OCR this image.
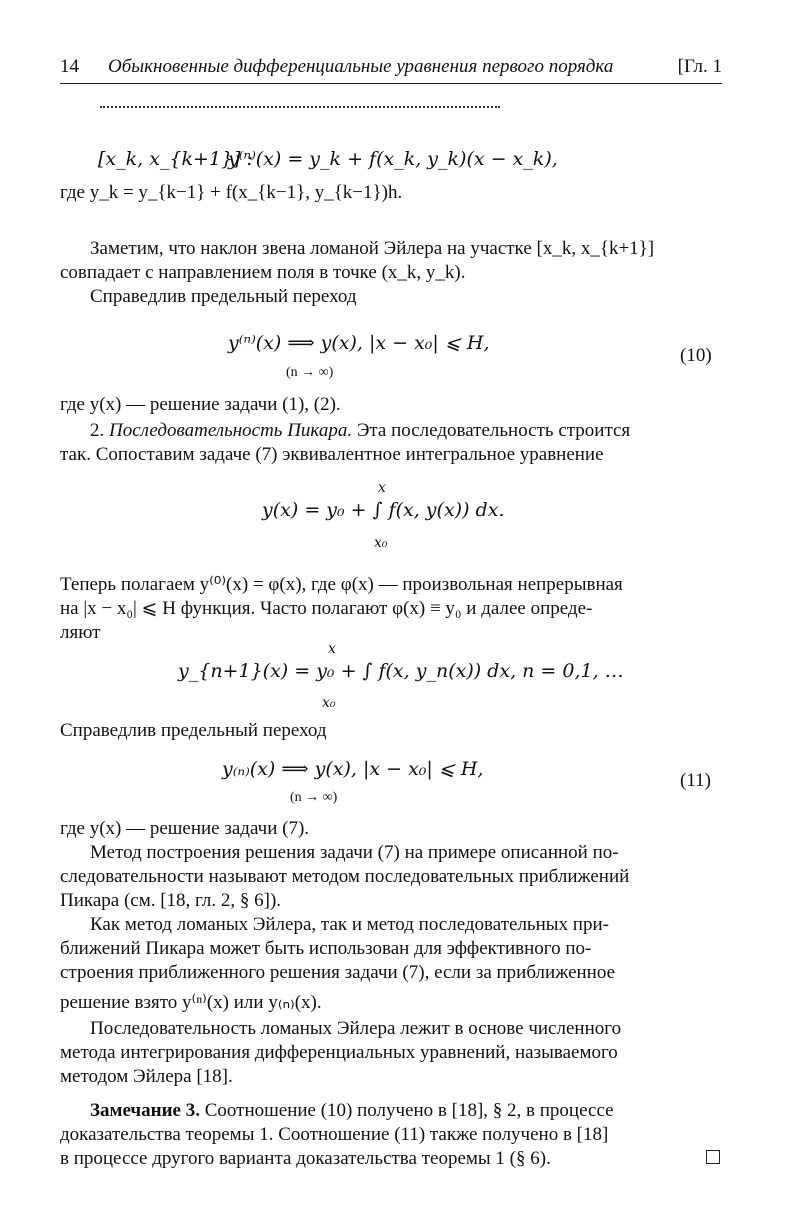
14 Обыкновенные дифференциальные уравнения первого порядка	[Гл. 1
[x_k, x_{k+1}] :
y⁽ⁿ⁾(x) = y_k + f(x_k, y_k)(x − x_k),
где y_k = y_{k−1} + f(x_{k−1}, y_{k−1})h.
Заметим, что наклон звена ломаной Эйлера на участке [x_k, x_{k+1}]
совпадает с направлением поля в точке (x_k, y_k).
Справедлив предельный переход
y⁽ⁿ⁾(x) ⟹ y(x), |x − x₀| ⩽ H,
(n → ∞)
(10)
где y(x) — решение задачи (1), (2).
2. Последовательность Пикара. Эта последовательность строится
так. Сопоставим задаче (7) эквивалентное интегральное уравнение
x
y(x) = y₀ + ∫ f(x, y(x)) dx.
x₀
Теперь полагаем y⁽⁰⁾(x) = φ(x), где φ(x) — произвольная непрерывная
на |x − x₀| ⩽ H функция. Часто полагают φ(x) ≡ y₀ и далее опреде-
ляют
x
y_{n+1}(x) = y₀ + ∫ f(x, y_n(x)) dx, n = 0,1, …
x₀
Справедлив предельный переход
y₍ₙ₎(x) ⟹ y(x), |x − x₀| ⩽ H,
(n → ∞)
(11)
где y(x) — решение задачи (7).
Метод построения решения задачи (7) на примере описанной по-
следовательности называют методом последовательных приближений
Пикара (см. [18, гл. 2, § 6]).
Как метод ломаных Эйлера, так и метод последовательных при-
ближений Пикара может быть использован для эффективного по-
строения приближенного решения задачи (7), если за приближенное
решение взято y⁽ⁿ⁾(x) или y₍ₙ₎(x).
Последовательность ломаных Эйлера лежит в основе численного
метода интегрирования дифференциальных уравнений, называемого
методом Эйлера [18].
Замечание 3. Соотношение (10) получено в [18], § 2, в процессе
доказательства теоремы 1. Соотношение (11) также получено в [18]
в процессе другого варианта доказательства теоремы 1 (§ 6).
